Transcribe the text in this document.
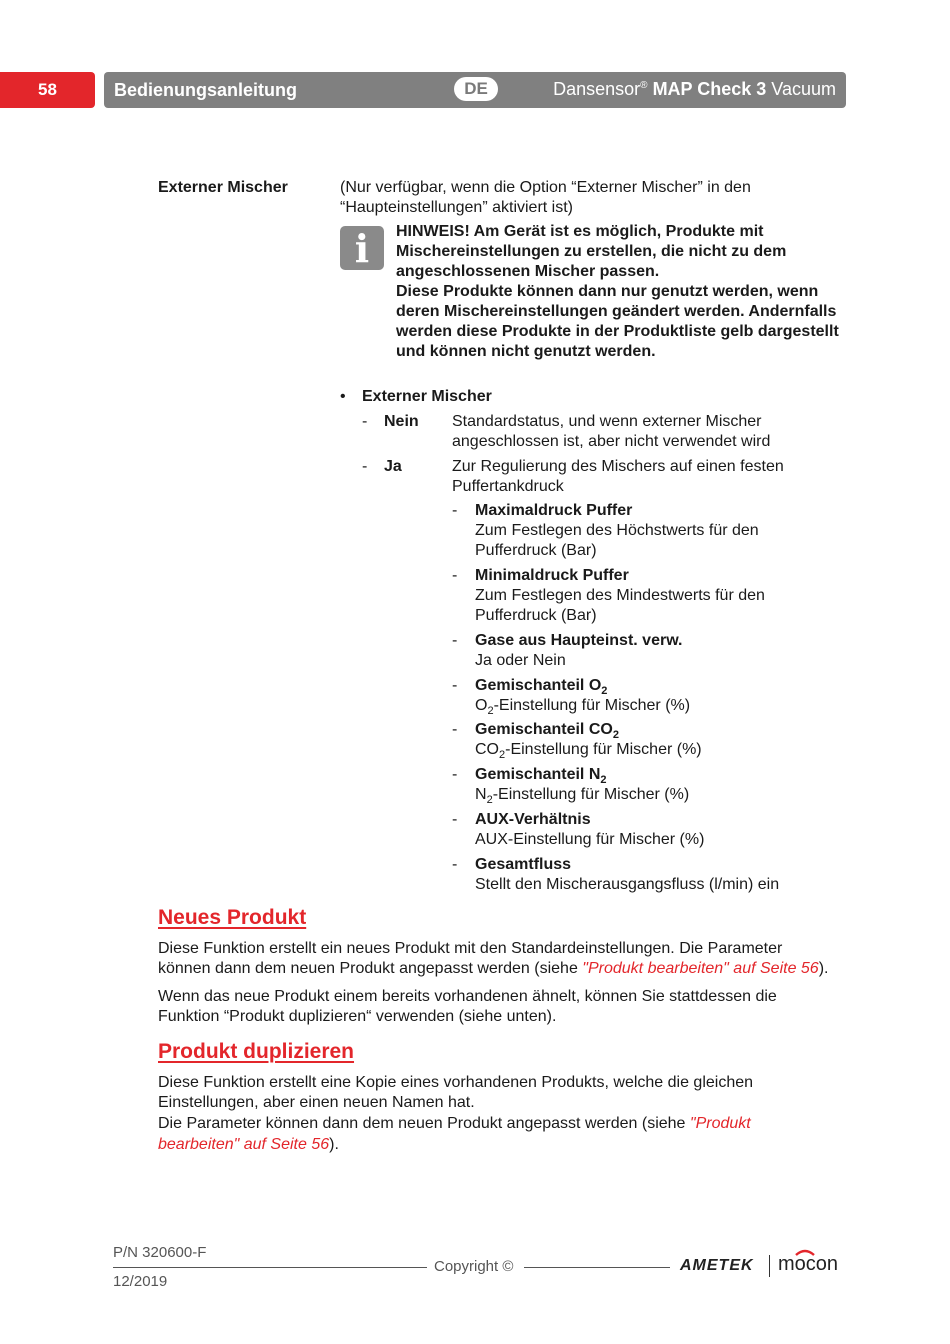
58	Bedienungsanleitung	DE	Dansensor® MAP Check 3 Vacuum
Externer Mischer	(Nur verfügbar, wenn die Option “Externer Mischer” in den
“Haupteinstellungen” aktiviert ist)
i	HINWEIS! Am Gerät ist es möglich, Produkte mit
Mischereinstellungen zu erstellen, die nicht zu dem
angeschlossenen Mischer passen.
Diese Produkte können dann nur genutzt werden, wenn
deren Mischereinstellungen geändert werden. Andernfalls
werden diese Produkte in der Produktliste gelb dargestellt
und können nicht genutzt werden.
• Externer Mischer
- Nein Standardstatus, und wenn externer Mischer
angeschlossen ist, aber nicht verwendet wird
- Ja	Zur Regulierung des Mischers auf einen festen
Puffertankdruck
- Maximaldruck Puffer
Zum Festlegen des Höchstwerts für den
Pufferdruck (Bar)
- Minimaldruck Puffer
Zum Festlegen des Mindestwerts für den
Pufferdruck (Bar)
- Gase aus Haupteinst. verw.
Ja oder Nein
- Gemischanteil $O_2$
$O_2$-Einstellung für Mischer (%)
- Gemischanteil $CO_2$
$CO_2$-Einstellung für Mischer (%)
- Gemischanteil $N_2$
$N_2$-Einstellung für Mischer (%)
- AUX-Verhältnis
AUX-Einstellung für Mischer (%)
- Gesamtfluss
Stellt den Mischerausgangsfluss (l/min) ein
Neues Produkt
Diese Funktion erstellt ein neues Produkt mit den Standardeinstellungen. Die Parameter
können dann dem neuen Produkt angepasst werden (siehe "Produkt bearbeiten" auf Seite 56).
Wenn das neue Produkt einem bereits vorhandenen ähnelt, können Sie stattdessen die
Funktion “Produkt duplizieren“ verwenden (siehe unten).
Produkt duplizieren
Diese Funktion erstellt eine Kopie eines vorhandenen Produkts, welche die gleichen
Einstellungen, aber einen neuen Namen hat.
Die Parameter können dann dem neuen Produkt angepasst werden (siehe "Produkt
bearbeiten" auf Seite 56).
P/N 320600-F
Copyright ©
12/2019
AMETEK mocon
